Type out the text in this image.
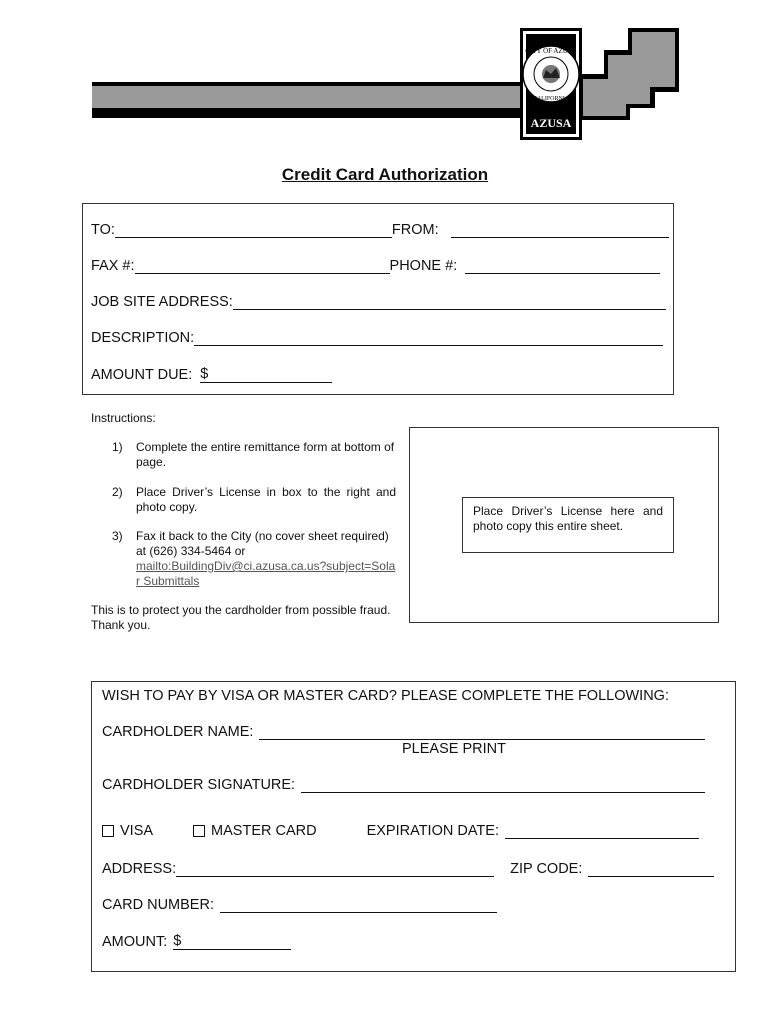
CITY OF AZUSA
CALIFORNIA
AZUSA
Credit Card Authorization
TO:	FROM:
FAX #:	PHONE #:
JOB SITE ADDRESS:
DESCRIPTION:
AMOUNT DUE: $
Instructions:
1) Complete the entire remittance form at bottom of page.
2) Place Driver’s License in box to the right and photo copy.
3) Fax it back to the City (no cover sheet required) at (626) 334-5464 or
mailto:BuildingDiv@ci.azusa.ca.us?subject=Solar Submittals
This is to protect you the cardholder from possible fraud. Thank you.
Place Driver’s License here and photo copy this entire sheet.
WISH TO PAY BY VISA OR MASTER CARD? PLEASE COMPLETE THE FOLLOWING:
CARDHOLDER NAME:
PLEASE PRINT
CARDHOLDER SIGNATURE:
VISA	MASTER CARD	EXPIRATION DATE:
ADDRESS:	ZIP CODE:
CARD NUMBER:
AMOUNT: $
